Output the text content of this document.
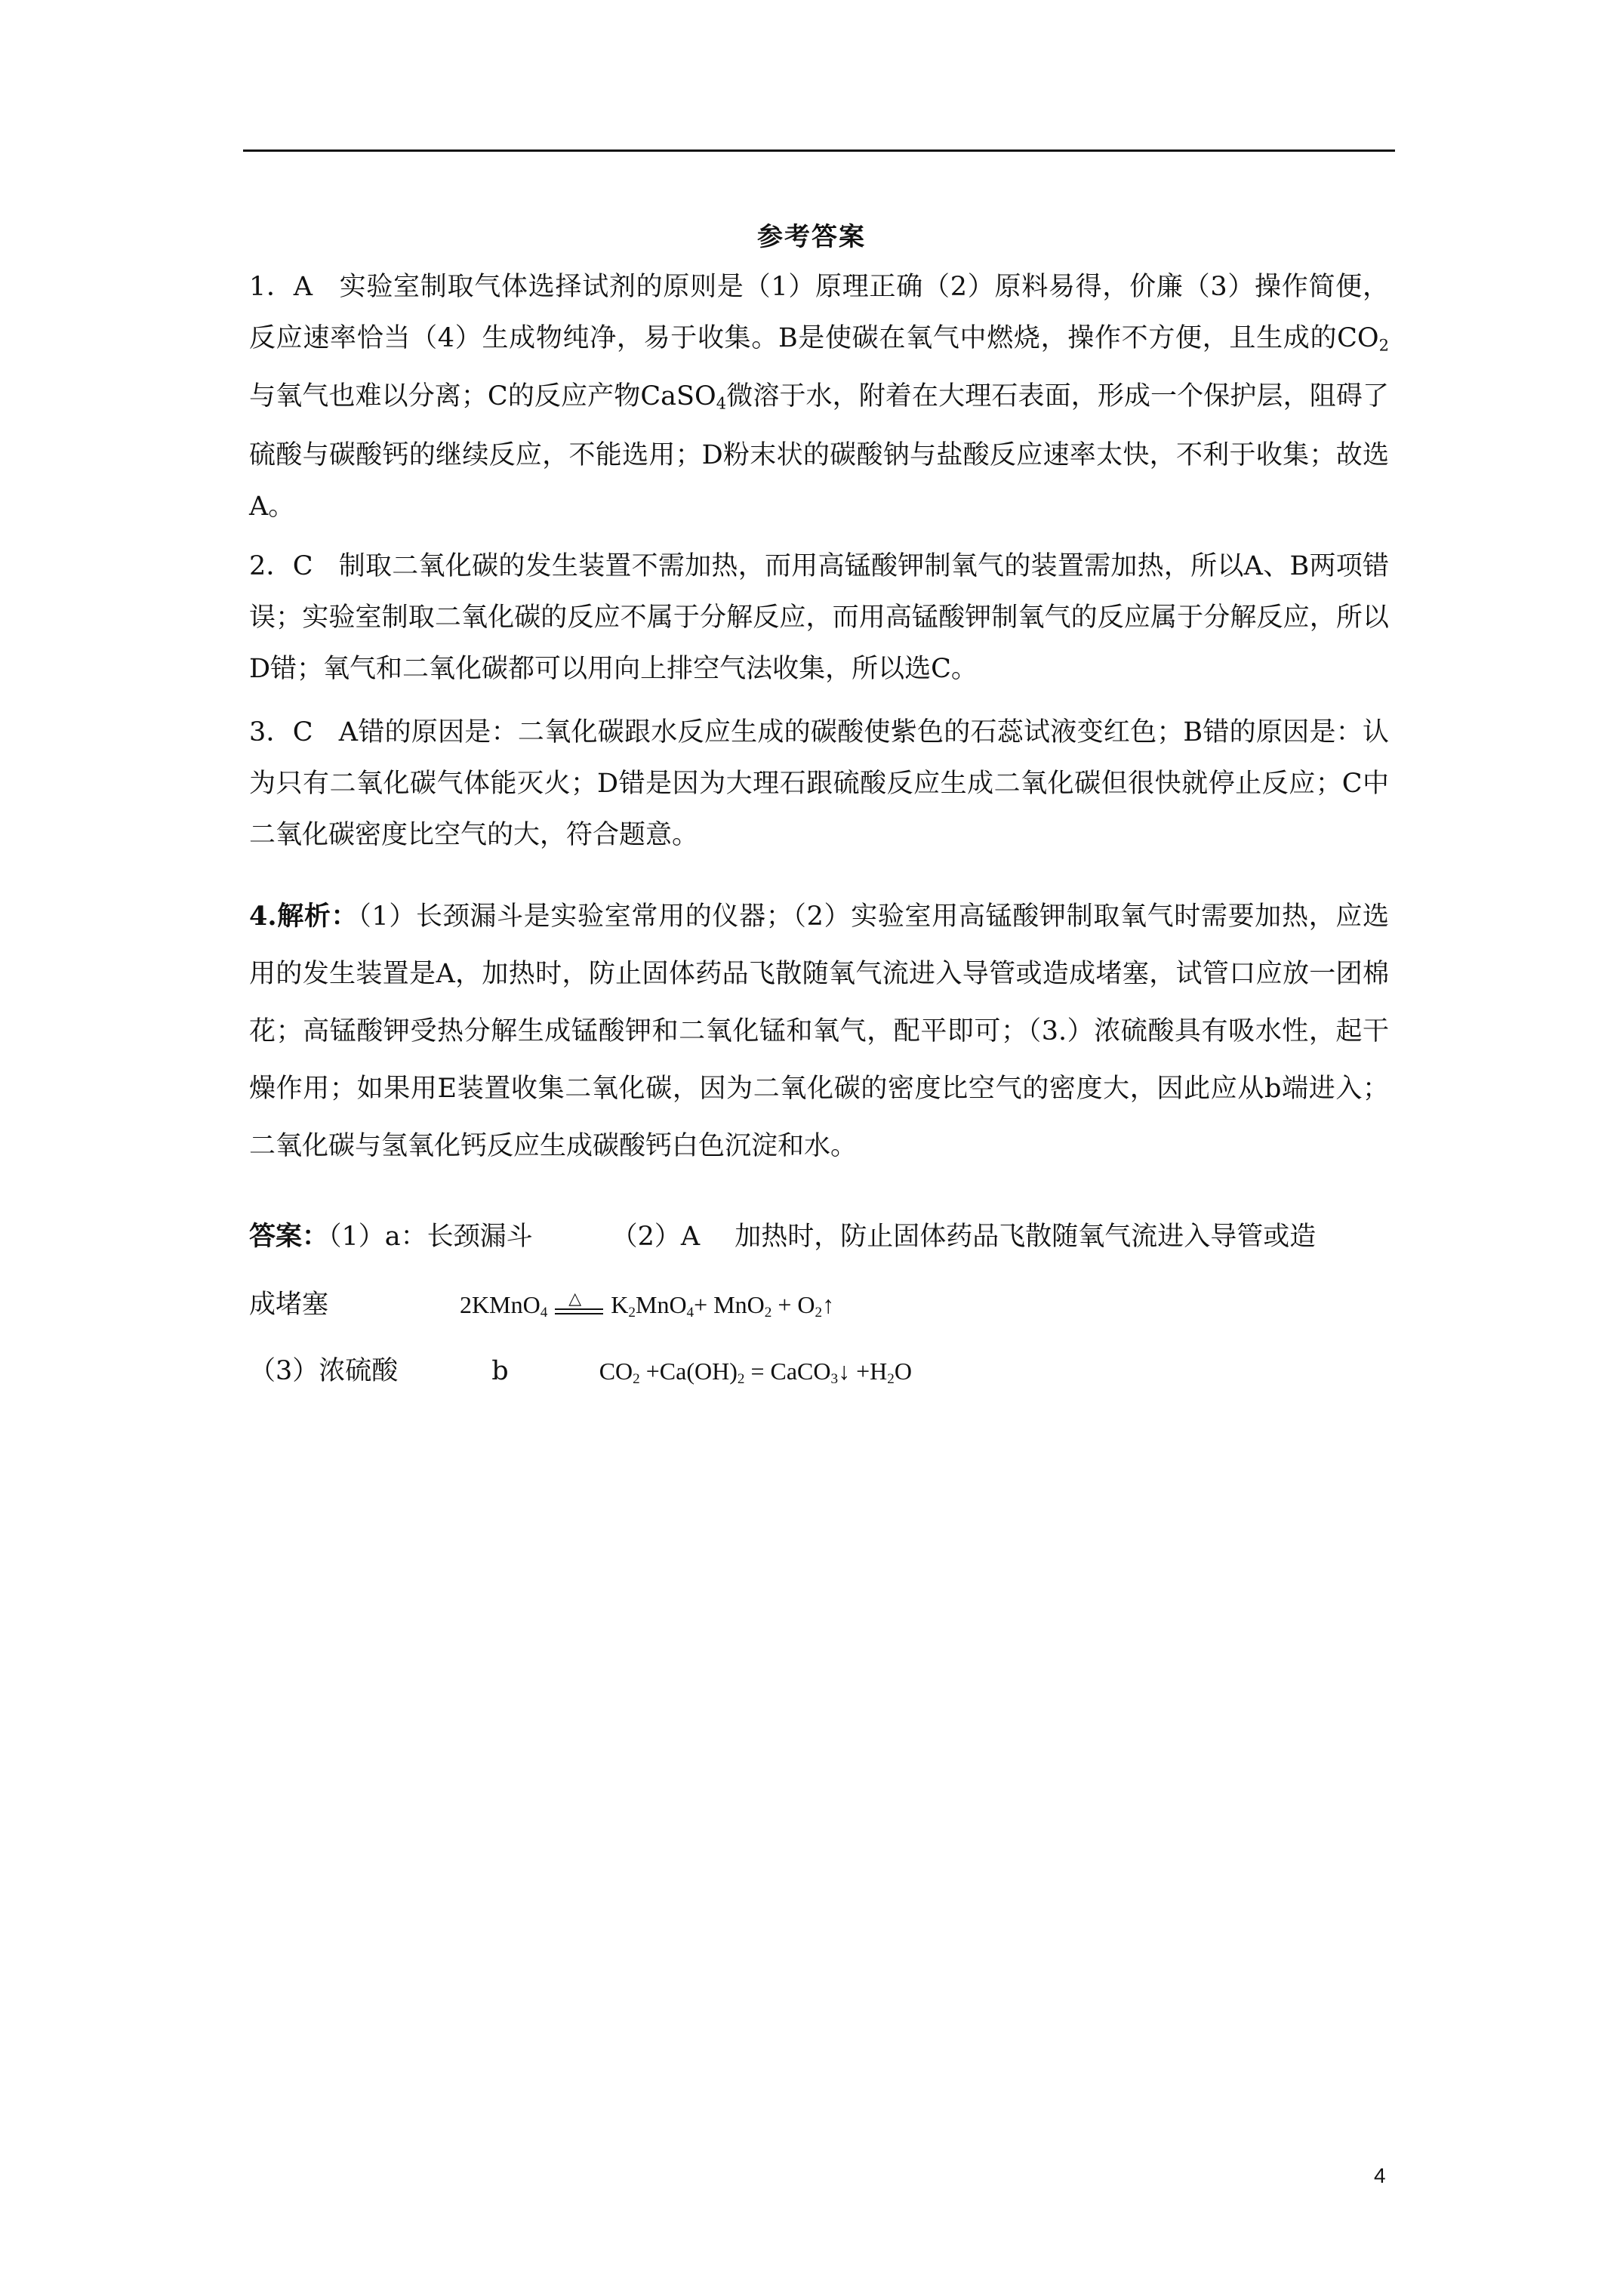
参考答案
1．A 实验室制取气体选择试剂的原则是（1）原理正确（2）原料易得，价廉（3）操作简便，反应速率恰当（4）生成物纯净，易于收集。B是使碳在氧气中燃烧，操作不方便，且生成的$CO_2$与氧气也难以分离；C的反应产物CaSO$_4$微溶于水，附着在大理石表面，形成一个保护层，阻碍了硫酸与碳酸钙的继续反应，不能选用；D粉末状的碳酸钠与盐酸反应速率太快，不利于收集；故选A。
2．C 制取二氧化碳的发生装置不需加热，而用高锰酸钾制氧气的装置需加热，所以A、B两项错误；实验室制取二氧化碳的反应不属于分解反应，而用高锰酸钾制氧气的反应属于分解反应，所以D错；氧气和二氧化碳都可以用向上排空气法收集，所以选C。
3．C A错的原因是：二氧化碳跟水反应生成的碳酸使紫色的石蕊试液变红色；B错的原因是：认为只有二氧化碳气体能灭火；D错是因为大理石跟硫酸反应生成二氧化碳但很快就停止反应；C中二氧化碳密度比空气的大，符合题意。
4.解析：（1）长颈漏斗是实验室常用的仪器；（2）实验室用高锰酸钾制取氧气时需要加热，应选用的发生装置是A，加热时，防止固体药品飞散随氧气流进入导管或造成堵塞，试管口应放一团棉花；高锰酸钾受热分解生成锰酸钾和二氧化锰和氧气，配平即可；（3.）浓硫酸具有吸水性，起干燥作用；如果用E装置收集二氧化碳，因为二氧化碳的密度比空气的密度大，因此应从b端进入；二氧化碳与氢氧化钙反应生成碳酸钙白色沉淀和水。
答案：（1）a：长颈漏斗	（2）A 加热时，防止固体药品飞散随氧气流进入导管或造
成堵塞	2KMnO$_4$
△ $K_2MnO_4+ MnO_2$ + $O_2↑$
（3）浓硫酸	b	$CO_2 +Ca(OH)_2$ = CaCO$_3$↓ $+H_2O$
4
